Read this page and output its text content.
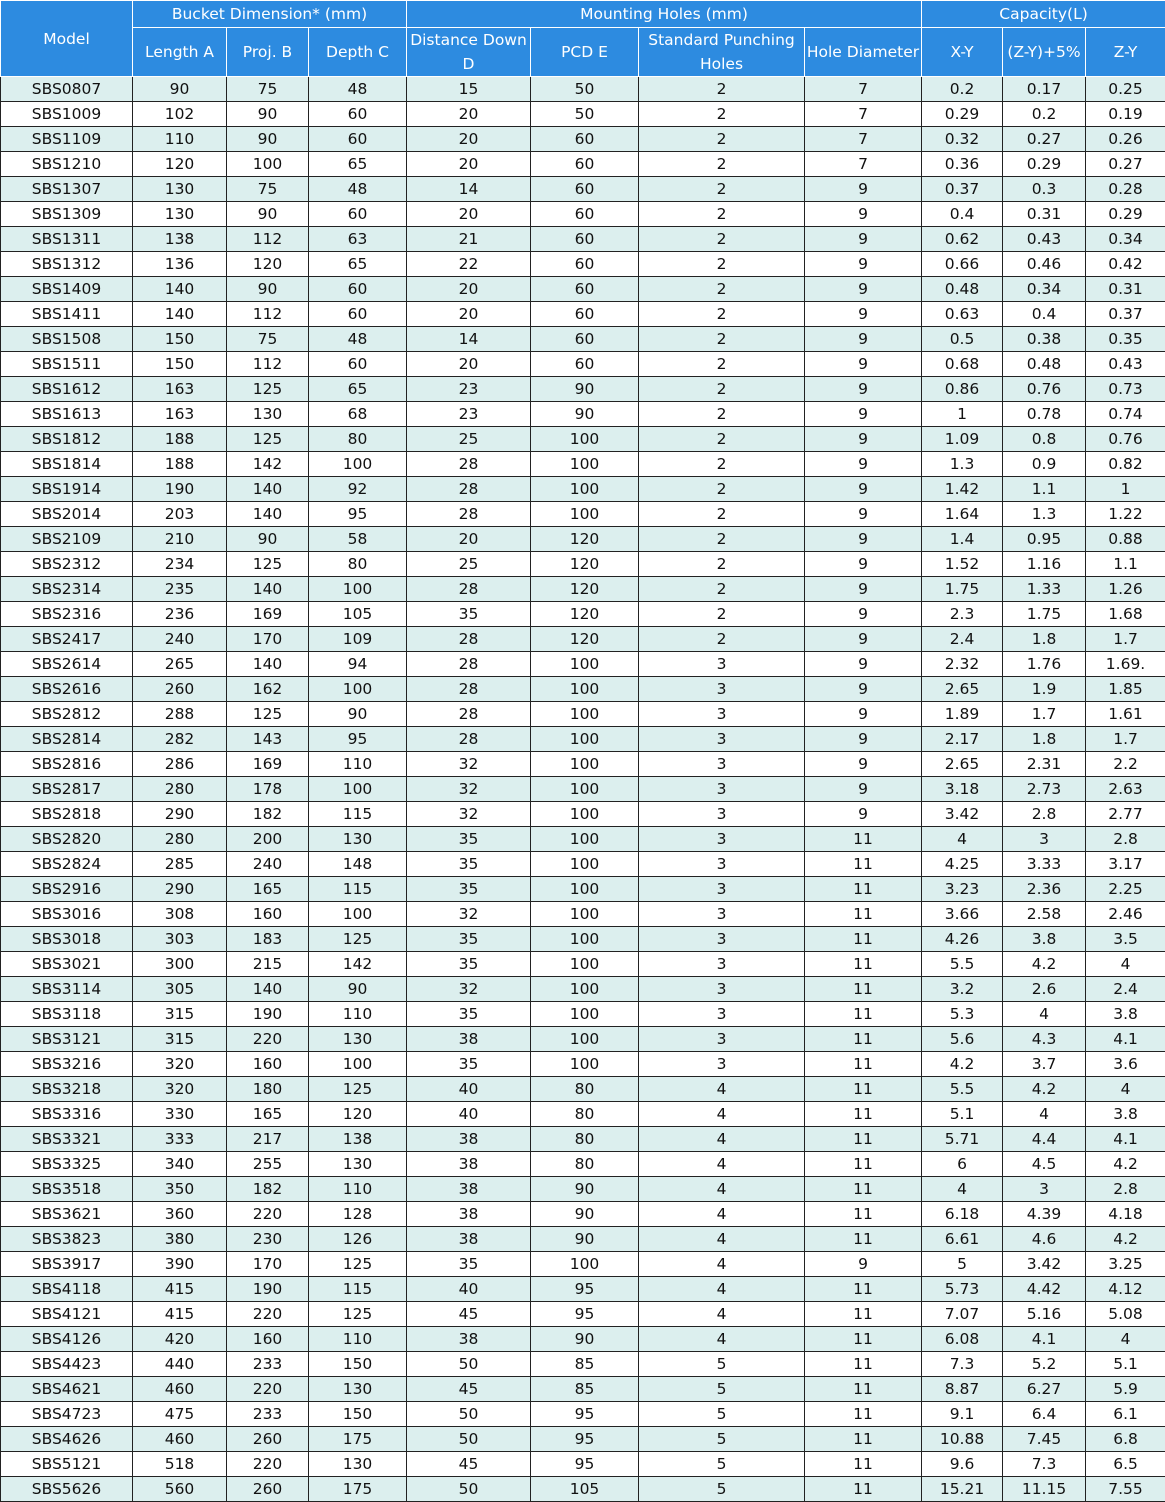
Model	Bucket Dimension* (mm)			Mounting Holes (mm)				Capacity(L)		
	Length A	Proj. B	Depth C	Distance Down D	PCD E	Standard Punching Holes	Hole Diameter	X-Y	(Z-Y)+5%	Z-Y
SBS0807	90	75	48	15	50	2	7	0.2	0.17	0.25
SBS1009	102	90	60	20	50	2	7	0.29	0.2	0.19
SBS1109	110	90	60	20	60	2	7	0.32	0.27	0.26
SBS1210	120	100	65	20	60	2	7	0.36	0.29	0.27
SBS1307	130	75	48	14	60	2	9	0.37	0.3	0.28
SBS1309	130	90	60	20	60	2	9	0.4	0.31	0.29
SBS1311	138	112	63	21	60	2	9	0.62	0.43	0.34
SBS1312	136	120	65	22	60	2	9	0.66	0.46	0.42
SBS1409	140	90	60	20	60	2	9	0.48	0.34	0.31
SBS1411	140	112	60	20	60	2	9	0.63	0.4	0.37
SBS1508	150	75	48	14	60	2	9	0.5	0.38	0.35
SBS1511	150	112	60	20	60	2	9	0.68	0.48	0.43
SBS1612	163	125	65	23	90	2	9	0.86	0.76	0.73
SBS1613	163	130	68	23	90	2	9	1	0.78	0.74
SBS1812	188	125	80	25	100	2	9	1.09	0.8	0.76
SBS1814	188	142	100	28	100	2	9	1.3	0.9	0.82
SBS1914	190	140	92	28	100	2	9	1.42	1.1	1
SBS2014	203	140	95	28	100	2	9	1.64	1.3	1.22
SBS2109	210	90	58	20	120	2	9	1.4	0.95	0.88
SBS2312	234	125	80	25	120	2	9	1.52	1.16	1.1
SBS2314	235	140	100	28	120	2	9	1.75	1.33	1.26
SBS2316	236	169	105	35	120	2	9	2.3	1.75	1.68
SBS2417	240	170	109	28	120	2	9	2.4	1.8	1.7
SBS2614	265	140	94	28	100	3	9	2.32	1.76	1.69.
SBS2616	260	162	100	28	100	3	9	2.65	1.9	1.85
SBS2812	288	125	90	28	100	3	9	1.89	1.7	1.61
SBS2814	282	143	95	28	100	3	9	2.17	1.8	1.7
SBS2816	286	169	110	32	100	3	9	2.65	2.31	2.2
SBS2817	280	178	100	32	100	3	9	3.18	2.73	2.63
SBS2818	290	182	115	32	100	3	9	3.42	2.8	2.77
SBS2820	280	200	130	35	100	3	11	4	3	2.8
SBS2824	285	240	148	35	100	3	11	4.25	3.33	3.17
SBS2916	290	165	115	35	100	3	11	3.23	2.36	2.25
SBS3016	308	160	100	32	100	3	11	3.66	2.58	2.46
SBS3018	303	183	125	35	100	3	11	4.26	3.8	3.5
SBS3021	300	215	142	35	100	3	11	5.5	4.2	4
SBS3114	305	140	90	32	100	3	11	3.2	2.6	2.4
SBS3118	315	190	110	35	100	3	11	5.3	4	3.8
SBS3121	315	220	130	38	100	3	11	5.6	4.3	4.1
SBS3216	320	160	100	35	100	3	11	4.2	3.7	3.6
SBS3218	320	180	125	40	80	4	11	5.5	4.2	4
SBS3316	330	165	120	40	80	4	11	5.1	4	3.8
SBS3321	333	217	138	38	80	4	11	5.71	4.4	4.1
SBS3325	340	255	130	38	80	4	11	6	4.5	4.2
SBS3518	350	182	110	38	90	4	11	4	3	2.8
SBS3621	360	220	128	38	90	4	11	6.18	4.39	4.18
SBS3823	380	230	126	38	90	4	11	6.61	4.6	4.2
SBS3917	390	170	125	35	100	4	9	5	3.42	3.25
SBS4118	415	190	115	40	95	4	11	5.73	4.42	4.12
SBS4121	415	220	125	45	95	4	11	7.07	5.16	5.08
SBS4126	420	160	110	38	90	4	11	6.08	4.1	4
SBS4423	440	233	150	50	85	5	11	7.3	5.2	5.1
SBS4621	460	220	130	45	85	5	11	8.87	6.27	5.9
SBS4723	475	233	150	50	95	5	11	9.1	6.4	6.1
SBS4626	460	260	175	50	95	5	11	10.88	7.45	6.8
SBS5121	518	220	130	45	95	5	11	9.6	7.3	6.5
SBS5626	560	260	175	50	105	5	11	15.21	11.15	7.55
